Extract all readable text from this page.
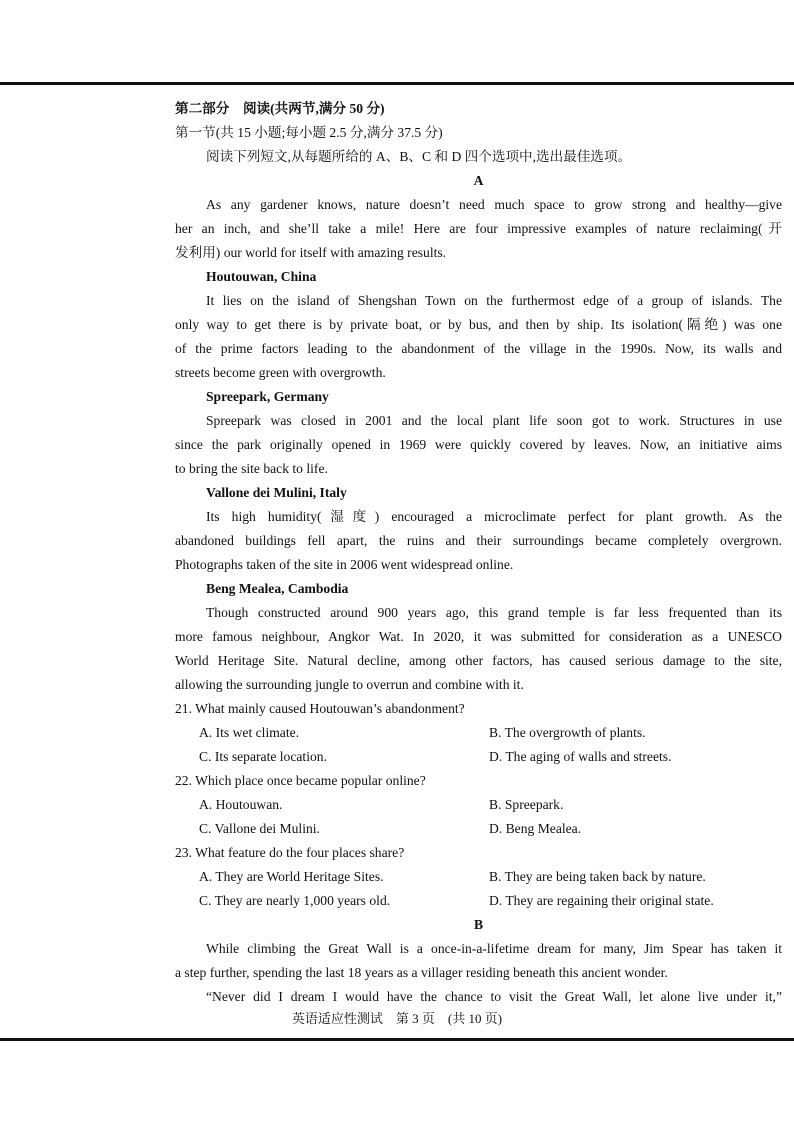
第二部分　阅读(共两节,满分 50 分)
第一节(共 15 小题;每小题 2.5 分,满分 37.5 分)
阅读下列短文,从每题所给的 A、B、C 和 D 四个选项中,选出最佳选项。
A
As any gardener knows, nature doesn’t need much space to grow strong and healthy—give
her an inch, and she’ll take a mile! Here are four impressive examples of nature reclaiming(开
发利用) our world for itself with amazing results.
Houtouwan, China
It lies on the island of Shengshan Town on the furthermost edge of a group of islands. The
only way to get there is by private boat, or by bus, and then by ship. Its isolation(隔绝) was one
of the prime factors leading to the abandonment of the village in the 1990s. Now, its walls and
streets become green with overgrowth.
Spreepark, Germany
Spreepark was closed in 2001 and the local plant life soon got to work. Structures in use
since the park originally opened in 1969 were quickly covered by leaves. Now, an initiative aims
to bring the site back to life.
Vallone dei Mulini, Italy
Its high humidity(湿度) encouraged a microclimate perfect for plant growth. As the
abandoned buildings fell apart, the ruins and their surroundings became completely overgrown.
Photographs taken of the site in 2006 went widespread online.
Beng Mealea, Cambodia
Though constructed around 900 years ago, this grand temple is far less frequented than its
more famous neighbour, Angkor Wat. In 2020, it was submitted for consideration as a UNESCO
World Heritage Site. Natural decline, among other factors, has caused serious damage to the site,
allowing the surrounding jungle to overrun and combine with it.
21. What mainly caused Houtouwan’s abandonment?
A. Its wet climate.	B. The overgrowth of plants.
C. Its separate location.	D. The aging of walls and streets.
22. Which place once became popular online?
A. Houtouwan.	B. Spreepark.
C. Vallone dei Mulini.	D. Beng Mealea.
23. What feature do the four places share?
A. They are World Heritage Sites.	B. They are being taken back by nature.
C. They are nearly 1,000 years old.	D. They are regaining their original state.
B
While climbing the Great Wall is a once-in-a-lifetime dream for many, Jim Spear has taken it
a step further, spending the last 18 years as a villager residing beneath this ancient wonder.
“Never did I dream I would have the chance to visit the Great Wall, let alone live under it,”
英语适应性测试　第 3 页　(共 10 页)
